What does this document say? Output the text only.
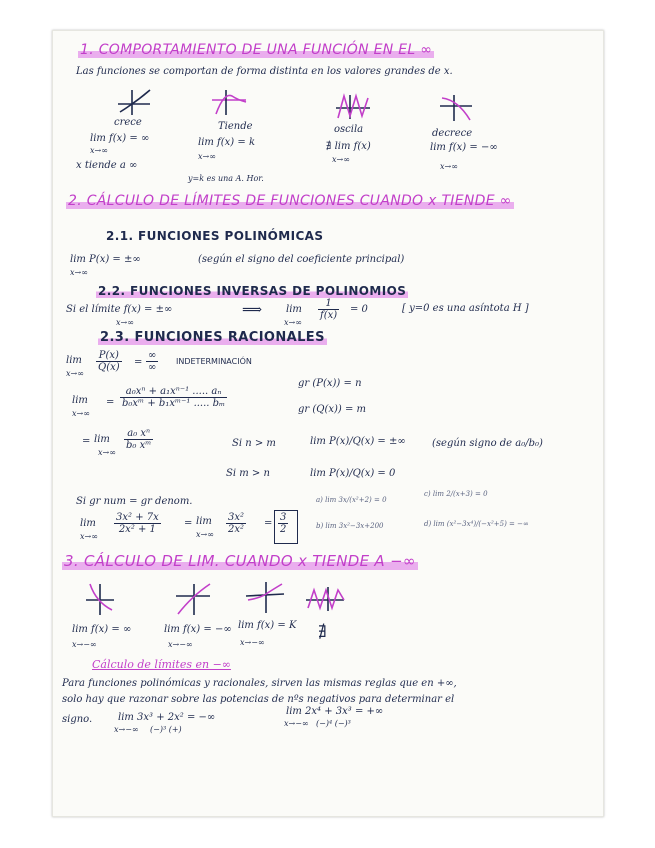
1. COMPORTAMIENTO DE UNA FUNCIÓN EN EL ∞
Las funciones se comportan de forma distinta en los valores grandes de x.
crece
lim f(x) = ∞
x→∞
x tiende a ∞
Tiende
lim f(x) = k
x→∞
y=k es una A. Hor.
oscila
∄ lim f(x)
x→∞
decrece
lim f(x) = −∞
x→∞
2. CÁLCULO DE LÍMITES DE FUNCIONES CUANDO x TIENDE ∞
2.1. FUNCIONES POLINÓMICAS
lim P(x) = ±∞
x→∞
(según el signo del coeficiente principal)
2.2. FUNCIONES INVERSAS DE POLINOMIOS
Si el límite f(x) = ±∞
x→∞
⟹ lim
x→∞
$\frac{1}{f(x)} = 0$	[ y=0 es una asíntota H ]
2.3. FUNCIONES RACIONALES
lim
x→∞
$\frac{P(x)}{Q(x)}$ =
∞
∞
INDETERMINACIÓN
lim
x→∞
= $\frac{\text{a₀xⁿ + a₁xⁿ⁻¹ ..... aₙ}}{\text{b₀xᵐ + b₁xᵐ⁻¹ ..... bₘ}}$
gr (P(x)) = n
gr (Q(x)) = m
= lim
x→∞
$\frac{\text{a₀ xⁿ}}{\text{b₀ xᵐ}}$	Si n > m	lim P(x)/Q(x) = ±∞	(según signo de a₀/b₀)
Si m > n	lim P(x)/Q(x) = 0
Si gr num = gr denom.
lim
x→∞
$\frac{\text{3x² + 7x}}{\text{2x² + 1}} = \lim$
$x\to\infty \frac{\text{3x²}}{\text{2x²}} = \frac{3}{2}$
a) lim 3x/(x²+2) = 0
c) lim 2/(x+3) = 0
b) lim 3x²−3x+200	d) lim (x²−3x⁴)/(−x²+5) = −∞
3. CÁLCULO DE LIM. CUANDO x TIENDE A −∞
lim f(x) = ∞
x→−∞
lim f(x) = −∞
x→−∞
lim f(x) = K
x→−∞
∄
Cálculo de límites en −∞
Para funciones polinómicas y racionales, sirven las mismas reglas que en +∞,
solo hay que razonar sobre las potencias de nºs negativos para determinar el
signo.	lim 3x³ + 2x² = −∞
x→−∞ (−)³ (+)
lim 2x⁴ + 3x³ = +∞
x→−∞ (−)⁴ (−)³
